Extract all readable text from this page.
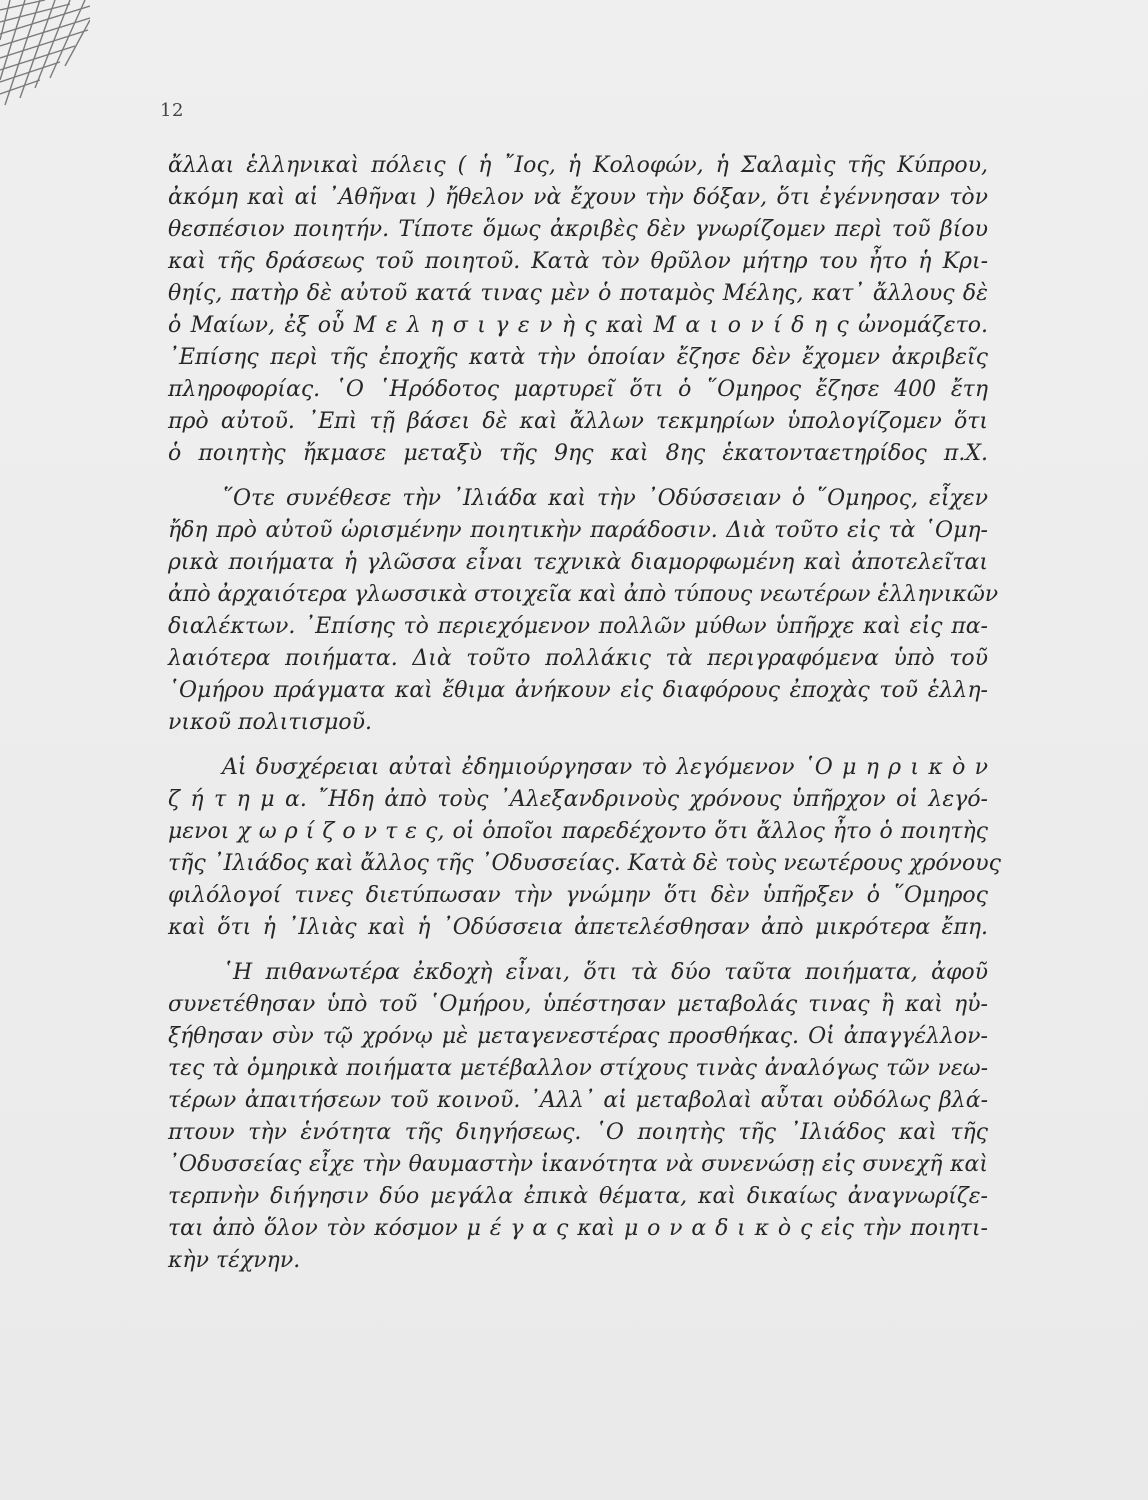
12
ἄλλαι ἑλληνικαὶ πόλεις ( ἡ ῎Ιος, ἡ Κολοφών, ἡ Σαλαμὶς τῆς Κύπρου,
ἀκόμη καὶ αἱ ᾿Αθῆναι ) ἤθελον νὰ ἔχουν τὴν δόξαν, ὅτι ἐγέννησαν τὸν
θεσπέσιον ποιητήν. Τίποτε ὅμως ἀκριβὲς δὲν γνωρίζομεν περὶ τοῦ βίου
καὶ τῆς δράσεως τοῦ ποιητοῦ. Κατὰ τὸν θρῦλον μήτηρ του ἦτο ἡ Κρι-
θηίς, πατὴρ δὲ αὐτοῦ κατά τινας μὲν ὁ ποταμὸς Μέλης, κατ᾿ ἄλλους δὲ
ὁ Μαίων, ἐξ οὗ Μ ε λ η σ ι γ ε ν ὴ ς καὶ Μ α ι ο ν ί δ η ς ὠνομάζετο.
᾿Επίσης περὶ τῆς ἐποχῆς κατὰ τὴν ὁποίαν ἔζησε δὲν ἔχομεν ἀκριβεῖς
πληροφορίας. ῾Ο ῾Ηρόδοτος μαρτυρεῖ ὅτι ὁ ῞Ομηρος ἔζησε 400 ἔτη
πρὸ αὐτοῦ. ᾿Επὶ τῇ βάσει δὲ καὶ ἄλλων τεκμηρίων ὑπολογίζομεν ὅτι
ὁ ποιητὴς ἤκμασε μεταξὺ τῆς 9ης καὶ 8ης ἑκατονταετηρίδος π.Χ.
῞Οτε συνέθεσε τὴν ᾿Ιλιάδα καὶ τὴν ᾿Οδύσσειαν ὁ ῞Ομηρος, εἶχεν
ἤδη πρὸ αὐτοῦ ὡρισμένην ποιητικὴν παράδοσιν. Διὰ τοῦτο εἰς τὰ ῾Ομη-
ρικὰ ποιήματα ἡ γλῶσσα εἶναι τεχνικὰ διαμορφωμένη καὶ ἀποτελεῖται
ἀπὸ ἀρχαιότερα γλωσσικὰ στοιχεῖα καὶ ἀπὸ τύπους νεωτέρων ἑλληνικῶν
διαλέκτων. ᾿Επίσης τὸ περιεχόμενον πολλῶν μύθων ὑπῆρχε καὶ εἰς πα-
λαιότερα ποιήματα. Διὰ τοῦτο πολλάκις τὰ περιγραφόμενα ὑπὸ τοῦ
῾Ομήρου πράγματα καὶ ἔθιμα ἀνήκουν εἰς διαφόρους ἐποχὰς τοῦ ἑλλη-
νικοῦ πολιτισμοῦ.
Αἱ δυσχέρειαι αὐταὶ ἐδημιούργησαν τὸ λεγόμενον ῾Ο μ η ρ ι κ ὸ ν
ζ ή τ η μ α. ῎Ηδη ἀπὸ τοὺς ᾿Αλεξανδρινοὺς χρόνους ὑπῆρχον οἱ λεγό-
μενοι χ ω ρ ί ζ ο ν τ ε ς, οἱ ὁποῖοι παρεδέχοντο ὅτι ἄλλος ἦτο ὁ ποιητὴς
τῆς ᾿Ιλιάδος καὶ ἄλλος τῆς ᾿Οδυσσείας. Κατὰ δὲ τοὺς νεωτέρους χρόνους
φιλόλογοί τινες διετύπωσαν τὴν γνώμην ὅτι δὲν ὑπῆρξεν ὁ ῞Ομηρος
καὶ ὅτι ἡ ᾿Ιλιὰς καὶ ἡ ᾿Οδύσσεια ἀπετελέσθησαν ἀπὸ μικρότερα ἔπη.
῾Η πιθανωτέρα ἐκδοχὴ εἶναι, ὅτι τὰ δύο ταῦτα ποιήματα, ἀφοῦ
συνετέθησαν ὑπὸ τοῦ ῾Ομήρου, ὑπέστησαν μεταβολάς τινας ἢ καὶ ηὐ-
ξήθησαν σὺν τῷ χρόνῳ μὲ μεταγενεστέρας προσθήκας. Οἱ ἀπαγγέλλον-
τες τὰ ὁμηρικὰ ποιήματα μετέβαλλον στίχους τινὰς ἀναλόγως τῶν νεω-
τέρων ἀπαιτήσεων τοῦ κοινοῦ. ᾿Αλλ᾿ αἱ μεταβολαὶ αὗται οὐδόλως βλά-
πτουν τὴν ἑνότητα τῆς διηγήσεως. ῾Ο ποιητὴς τῆς ᾿Ιλιάδος καὶ τῆς
᾿Οδυσσείας εἶχε τὴν θαυμαστὴν ἱκανότητα νὰ συνενώσῃ εἰς συνεχῆ καὶ
τερπνὴν διήγησιν δύο μεγάλα ἐπικὰ θέματα, καὶ δικαίως ἀναγνωρίζε-
ται ἀπὸ ὅλον τὸν κόσμον μ έ γ α ς καὶ μ ο ν α δ ι κ ὸ ς εἰς τὴν ποιητι-
κὴν τέχνην.
